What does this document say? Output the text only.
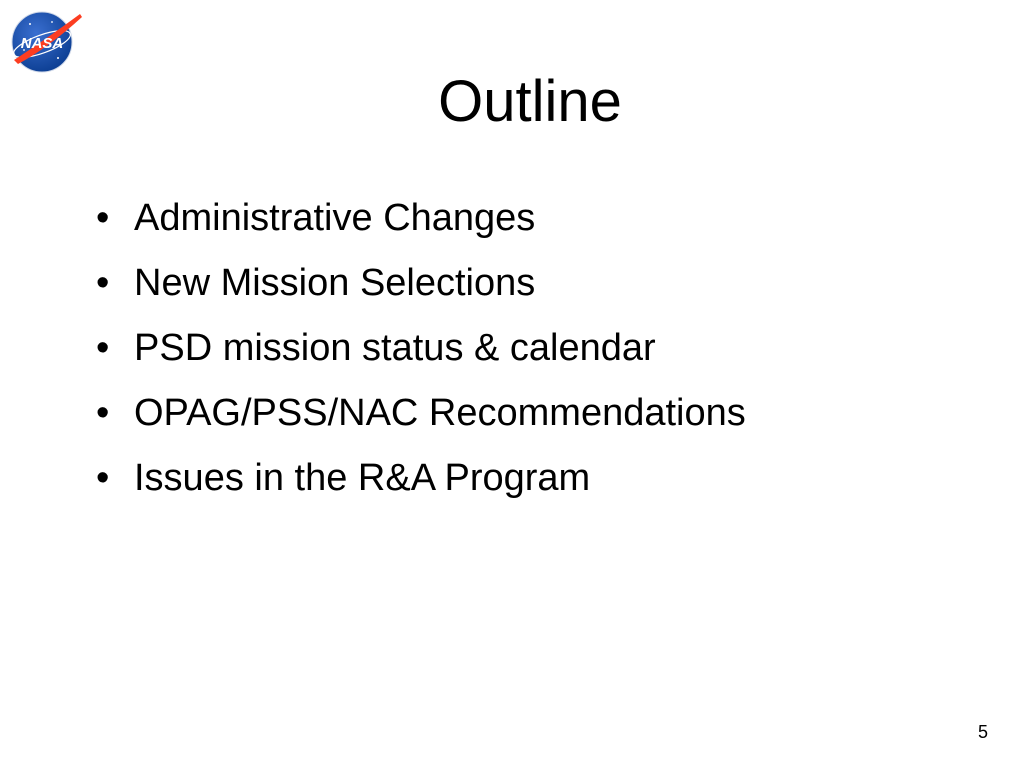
NASA
Outline
• Administrative Changes
• New Mission Selections
• PSD mission status & calendar
• OPAG/PSS/NAC Recommendations
• Issues in the R&A Program
5
